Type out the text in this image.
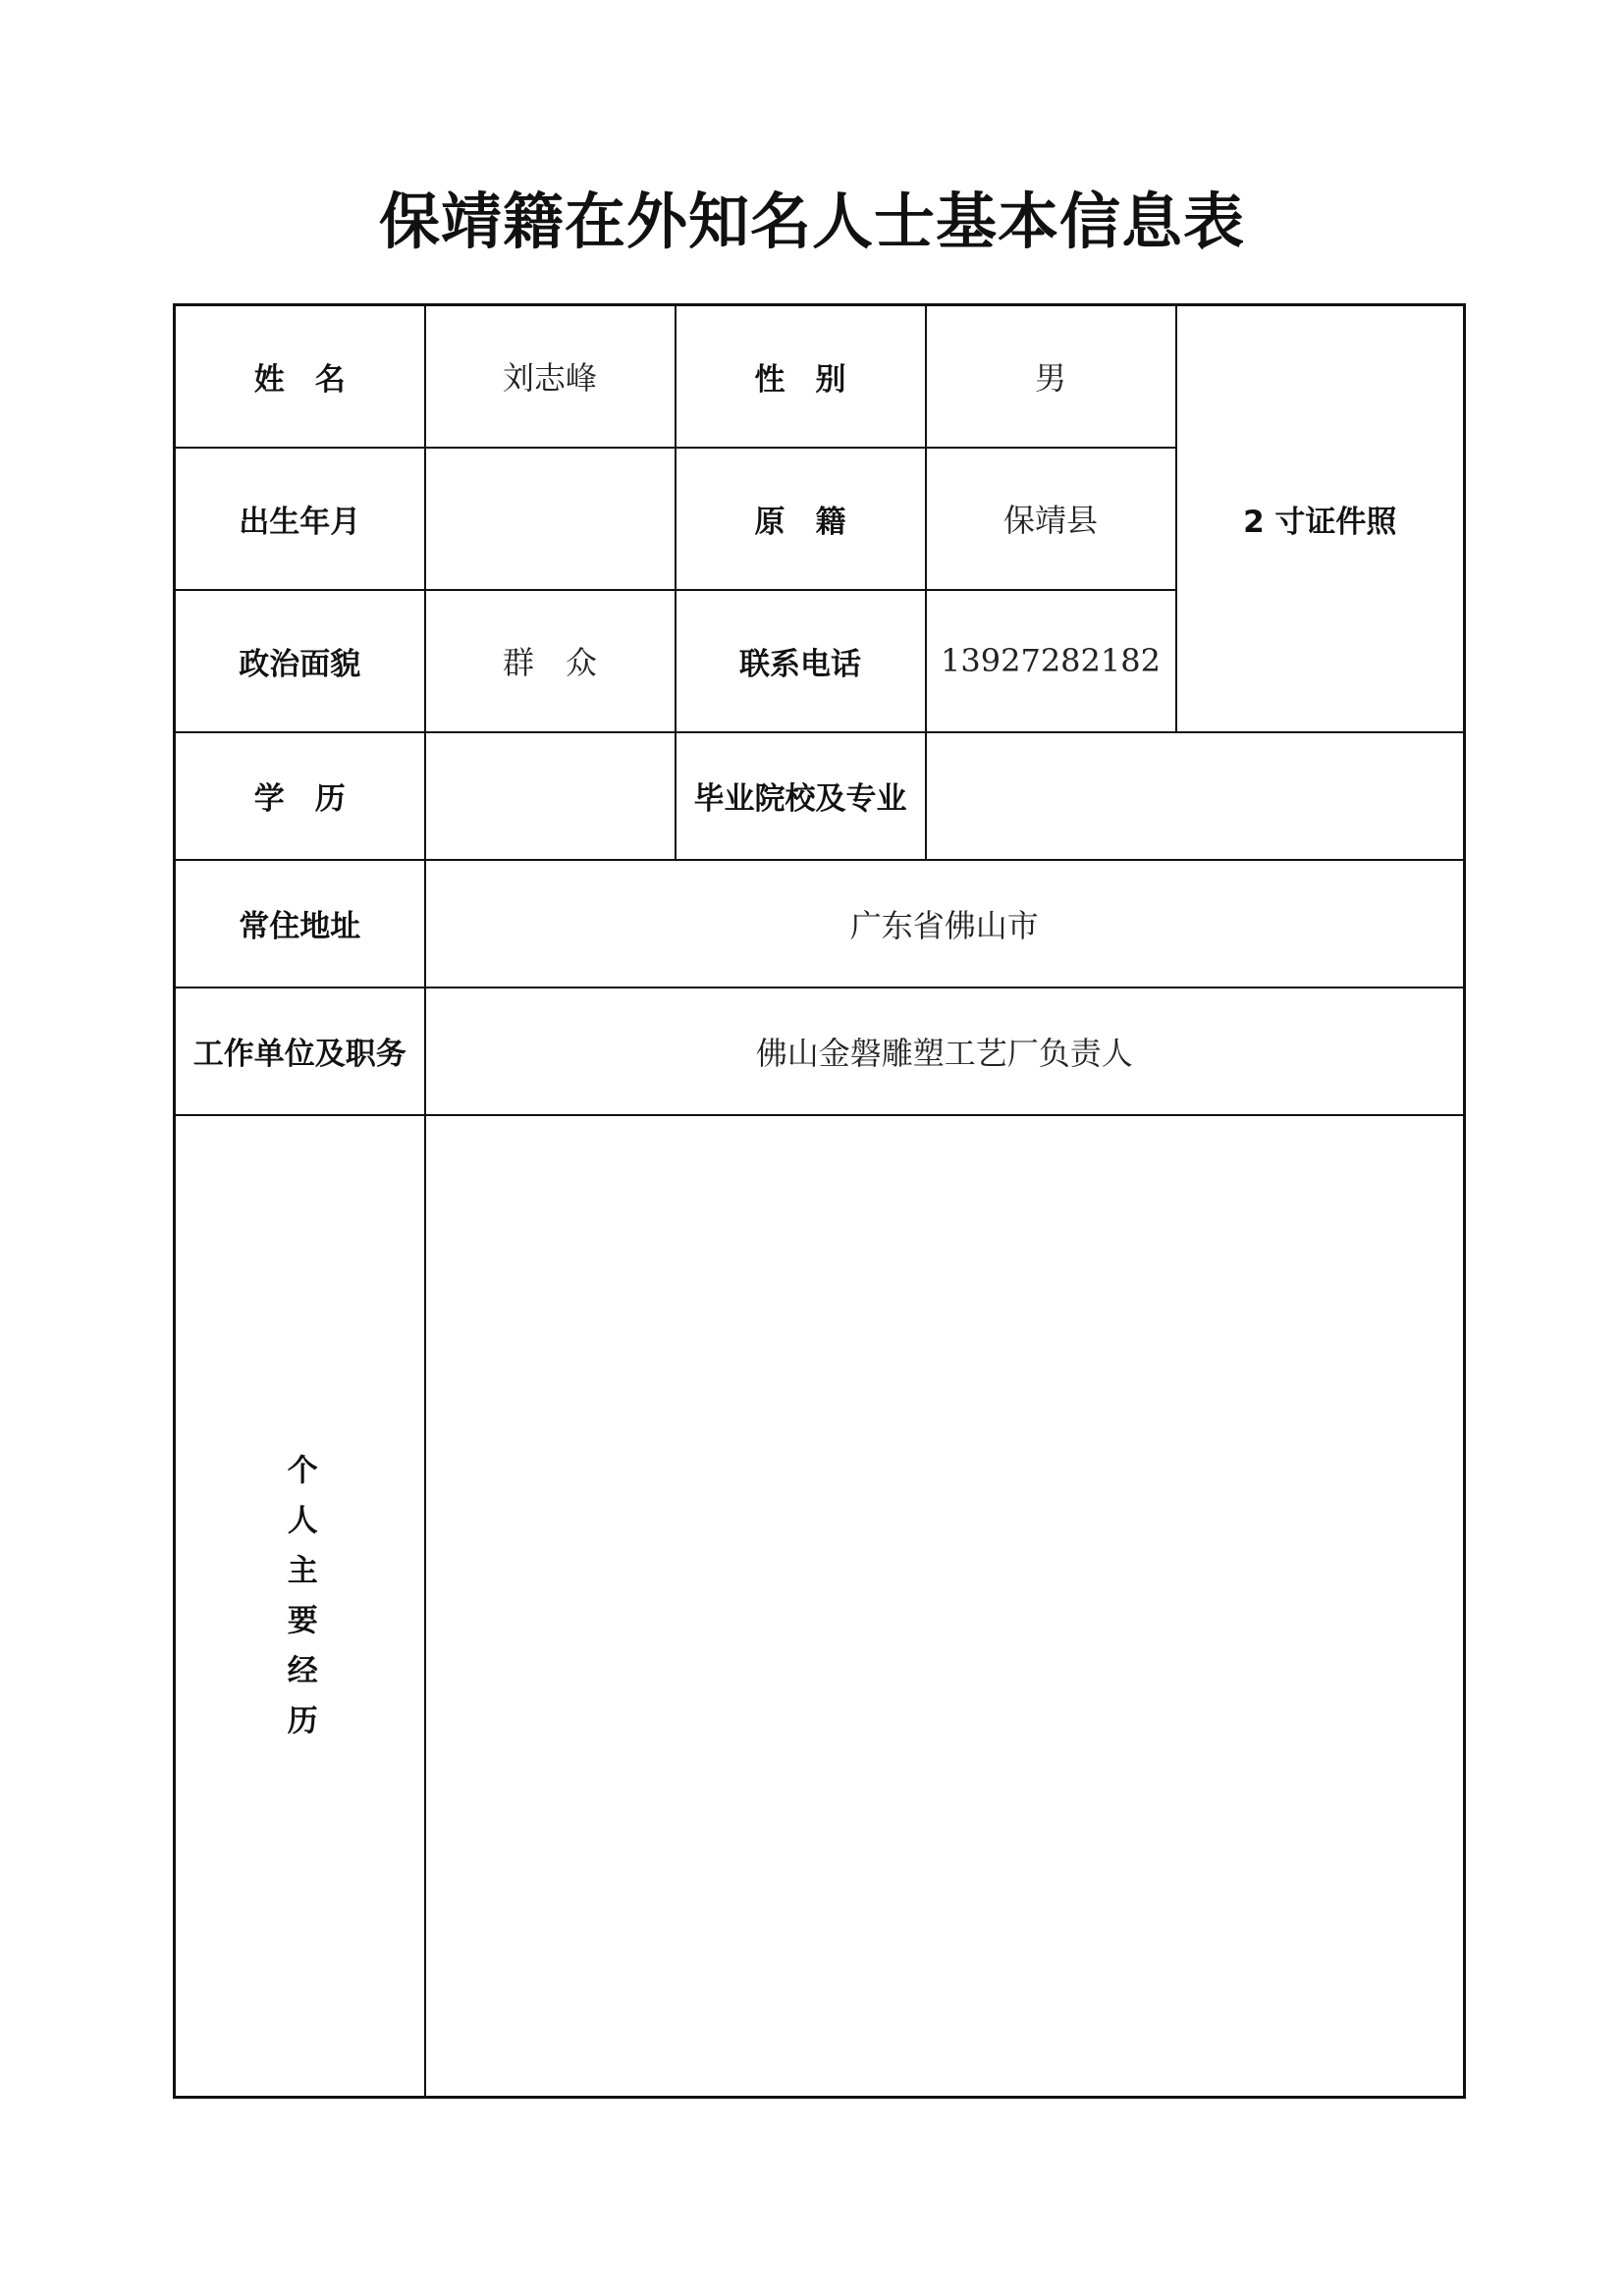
保靖籍在外知名人士基本信息表
姓　名	刘志峰	性　别	男	2 寸证件照
出生年月		原　籍	保靖县	
政治面貌	群　众	联系电话	13927282182	
学　历		毕业院校及专业		
常住地址	广东省佛山市			
工作单位及职务	佛山金磐雕塑工艺厂负责人			
个人主要经历				
